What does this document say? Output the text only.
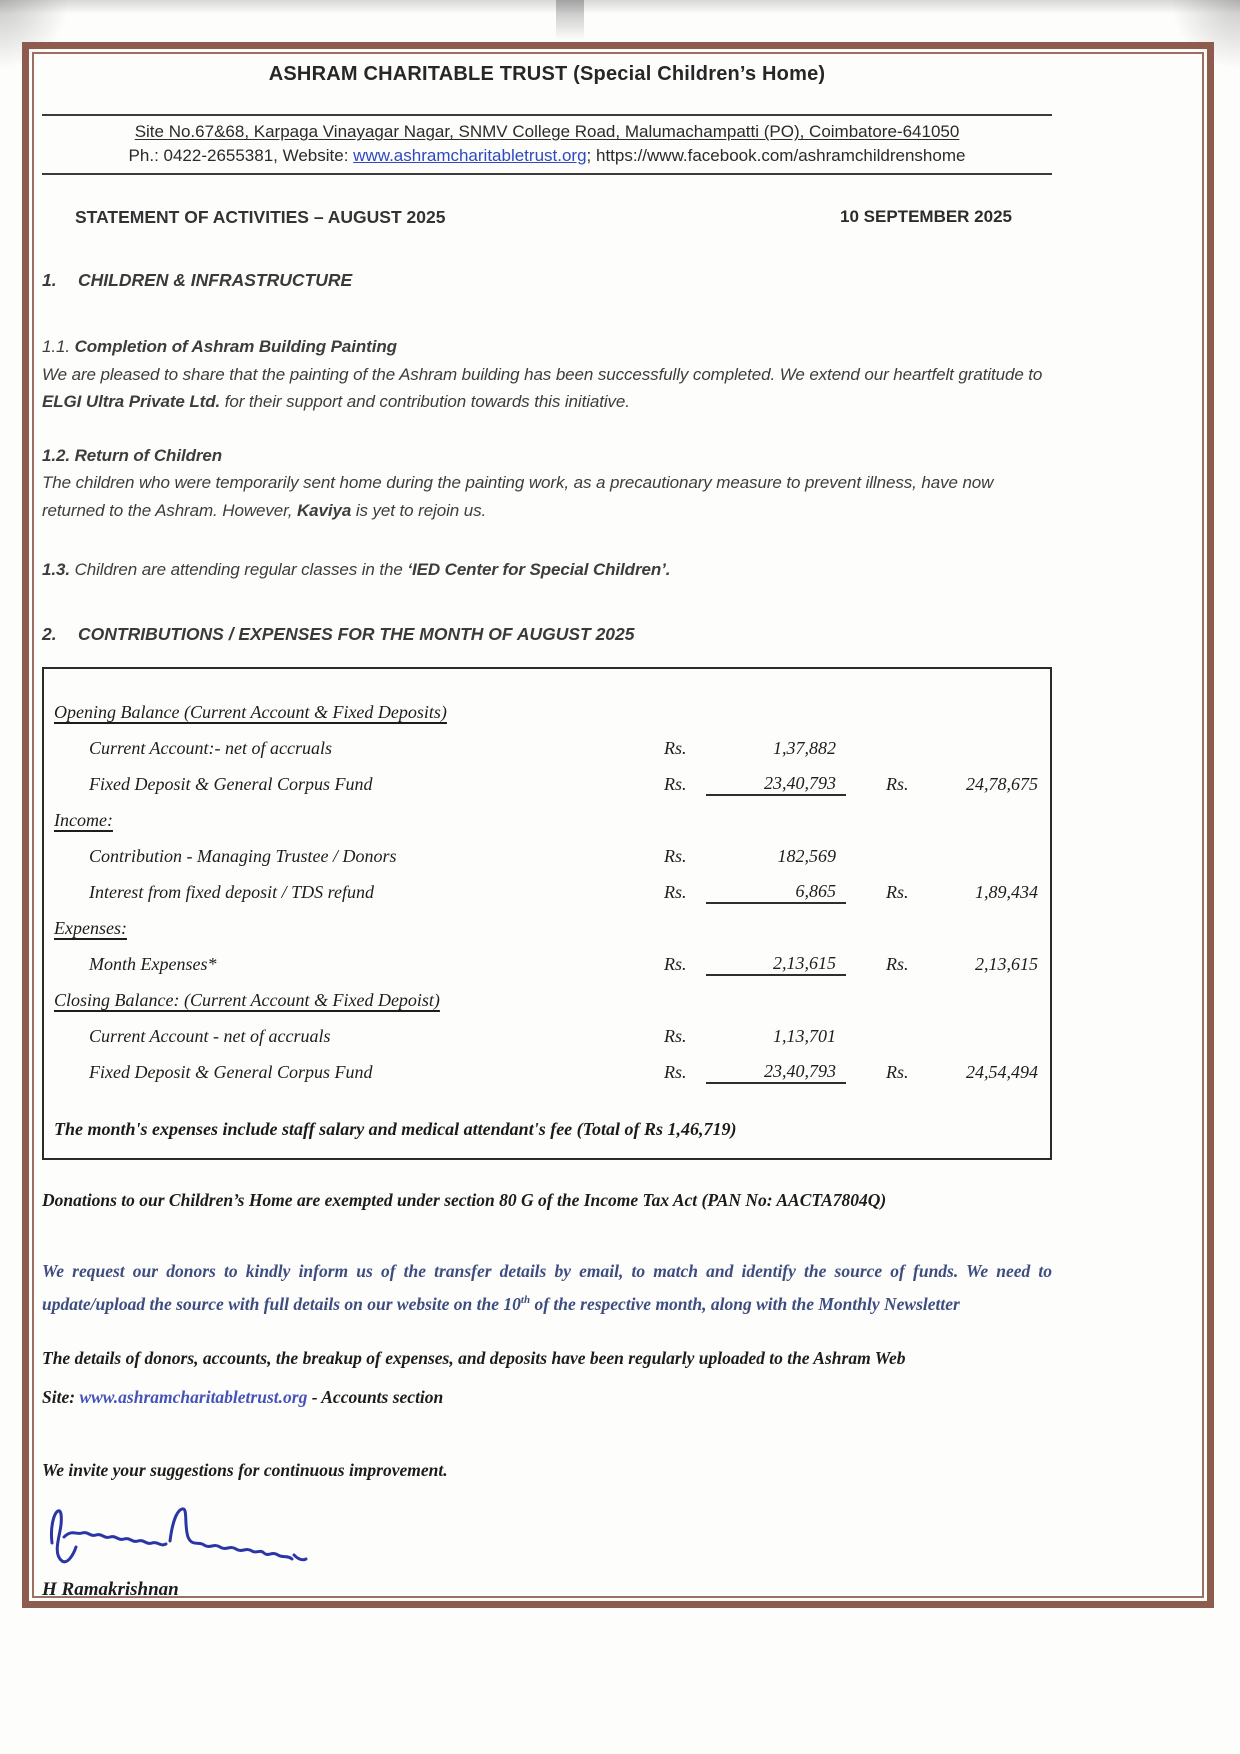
ASHRAM CHARITABLE TRUST (Special Children’s Home)
Site No.67&68, Karpaga Vinayagar Nagar, SNMV College Road, Malumachampatti (PO), Coimbatore-641050
Ph.: 0422-2655381, Website: www.ashramcharitabletrust.org; https://www.facebook.com/ashramchildrenshome
STATEMENT OF ACTIVITIES – AUGUST 2025	10 SEPTEMBER 2025
1. CHILDREN & INFRASTRUCTURE
1.1. Completion of Ashram Building Painting
We are pleased to share that the painting of the Ashram building has been successfully completed. We extend our heartfelt gratitude to ELGI Ultra Private Ltd. for their support and contribution towards this initiative.
1.2. Return of Children
The children who were temporarily sent home during the painting work, as a precautionary measure to prevent illness, have now returned to the Ashram. However, Kaviya is yet to rejoin us.
1.3. Children are attending regular classes in the ‘IED Center for Special Children’.
2. CONTRIBUTIONS / EXPENSES FOR THE MONTH OF AUGUST 2025
Opening Balance (Current Account & Fixed Deposits)
Current Account:- net of accruals	Rs.	1,37,882
Fixed Deposit & General Corpus Fund	Rs.	23,40,793	Rs.	24,78,675
Income:
Contribution - Managing Trustee / Donors	Rs.	182,569
Interest from fixed deposit / TDS refund	Rs.	6,865	Rs.	1,89,434
Expenses:
Month Expenses*	Rs.	2,13,615	Rs.	2,13,615
Closing Balance: (Current Account & Fixed Depoist)
Current Account - net of accruals	Rs.	1,13,701
Fixed Deposit & General Corpus Fund	Rs.	23,40,793	Rs.	24,54,494
The month's expenses include staff salary and medical attendant's fee (Total of Rs 1,46,719)
Donations to our Children’s Home are exempted under section 80 G of the Income Tax Act (PAN No: AACTA7804Q)
We request our donors to kindly inform us of the transfer details by email, to match and identify the source of funds. We need to update/upload the source with full details on our website on the 10th of the respective month, along with the Monthly Newsletter
The details of donors, accounts, the breakup of expenses, and deposits have been regularly uploaded to the Ashram Web
Site: www.ashramcharitabletrust.org - Accounts section
We invite your suggestions for continuous improvement.
H Ramakrishnan
